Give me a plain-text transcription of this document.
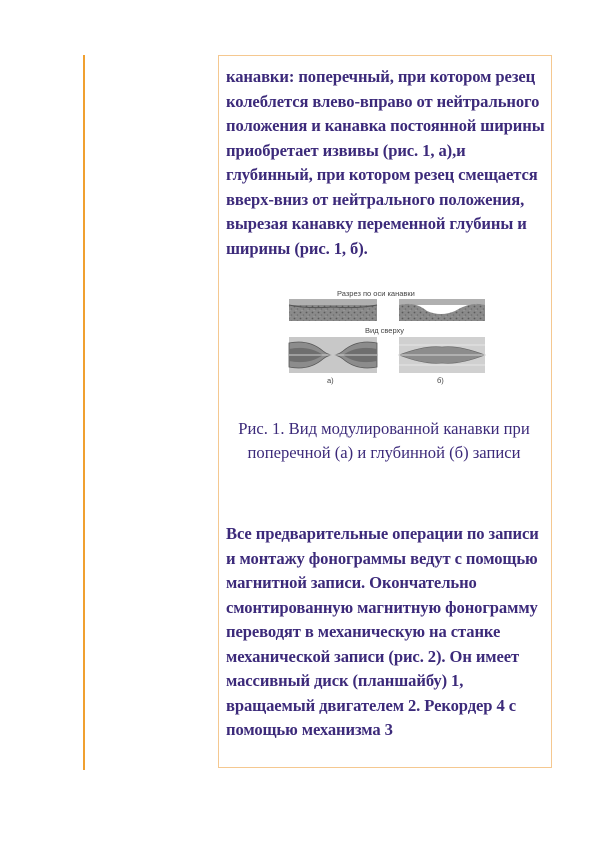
канавки: поперечный, при котором резец колеблется влево-вправо от нейтрального положения и канавка постоянной ширины приобретает извивы (рис. 1, а),и глубинный, при котором резец смещается вверх-вниз от нейтрального положения, вырезая канавку переменной глубины и ширины (рис. 1, б).

Разрез по оси канавки
Вид сверху
а)	б)

Рис. 1. Вид модулированной канавки при поперечной (а) и глубинной (б) записи

Все предварительные операции по записи и монтажу фонограммы ведут с помощью магнитной записи. Окончательно смонтированную магнитную фонограмму переводят в механическую на станке механической записи (рис. 2). Он имеет массивный диск (планшайбу) 1, вращаемый двигателем 2. Рекордер 4 с помощью механизма 3
